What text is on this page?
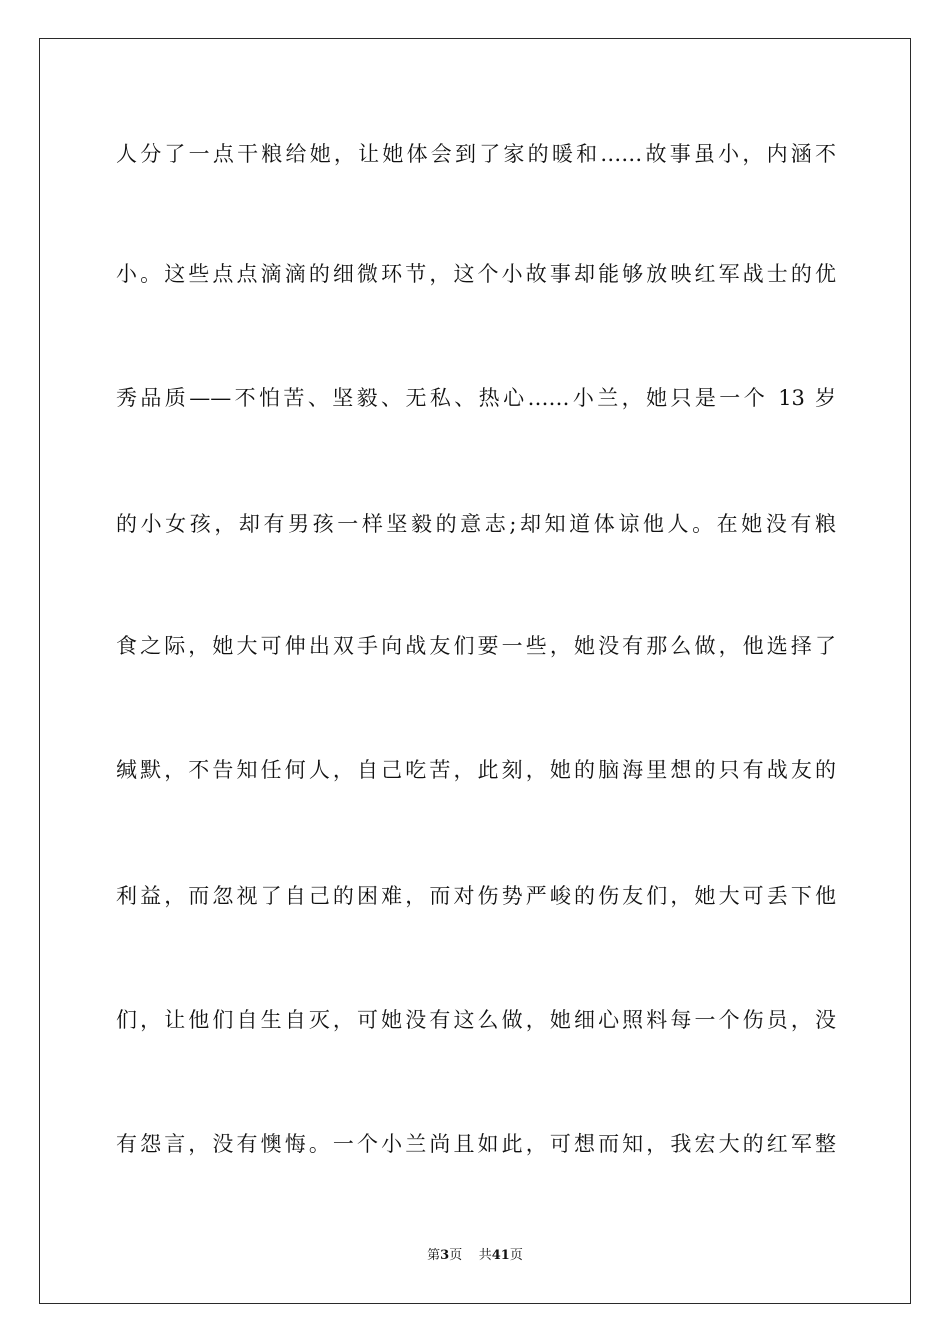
人分了一点干粮给她，让她体会到了家的暖和……故事虽小，内涵不
小。这些点点滴滴的细微环节，这个小故事却能够放映红军战士的优
秀品质——不怕苦、坚毅、无私、热心……小兰，她只是一个 13 岁
的小女孩，却有男孩一样坚毅的意志;却知道体谅他人。在她没有粮
食之际，她大可伸出双手向战友们要一些，她没有那么做，他选择了
缄默，不告知任何人，自己吃苦，此刻，她的脑海里想的只有战友的
利益，而忽视了自己的困难，而对伤势严峻的伤友们，她大可丢下他
们，让他们自生自灭，可她没有这么做，她细心照料每一个伤员，没
有怨言，没有懊悔。一个小兰尚且如此，可想而知，我宏大的红军整
第3页 共41页
